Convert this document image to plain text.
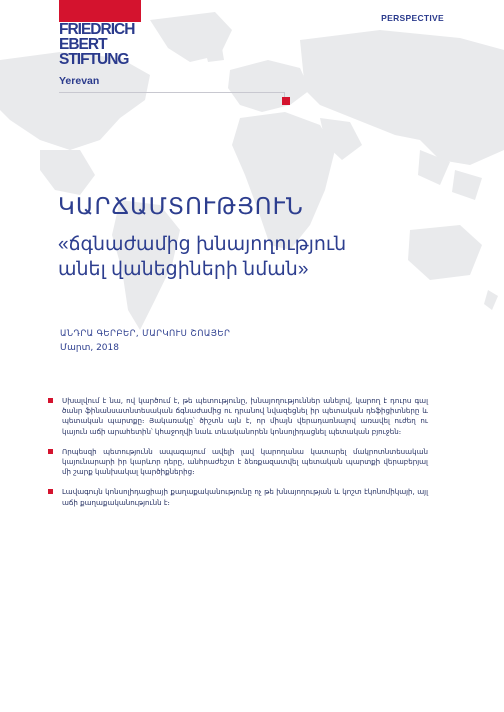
FRIEDRICH
EBERT
STIFTUNG
Yerevan
PERSPECTIVE
ԿԱՐՃԱՄՏՈՒԹՅՈՒՆ
«ճգնաժամից խնայողություն անել վանեցիների նման»
ԱՆԴՐԱ ԳԵՐԲԵՐ, ՄԱՐԿՈՒՍ ՇՈԱՅԵՐ
Մարտ, 2018
Սխալվում է նա, ով կարծում է, թե պետությունը, խնայողություններ անելով, կարող է դուրս գալ ծանր ֆինանսատնտեսական ճգնաժամից ու դրանով նվազեցնել իր պետական դեֆիցիտները և պետական պարտքը։ Յակառակը՝ ծիշտն այն է, որ միայն վերադառնալով առավել ուժեղ ու կայուն աճի արահետին՝ կհաջողվի նաև տևականորեն կոնսոլիդացնել պետական բյուջեն։
Որպեսզի պետությունն ապագայում ավելի լավ կարողանա կատարել մակրոտնտեսական կայունարարի իր կարևոր դերը, անհրաժեշտ է ձեռքազատվել պետական պարտքի վերաբերյալ մի շարք կանխակալ կարծիքներից։
Լավագույն կոնսոլիդացիայի քաղաքականությունը ոչ թե խնայողության և կոշտ էկոնոմիկայի, այլ աճի քաղաքականությունն է։
